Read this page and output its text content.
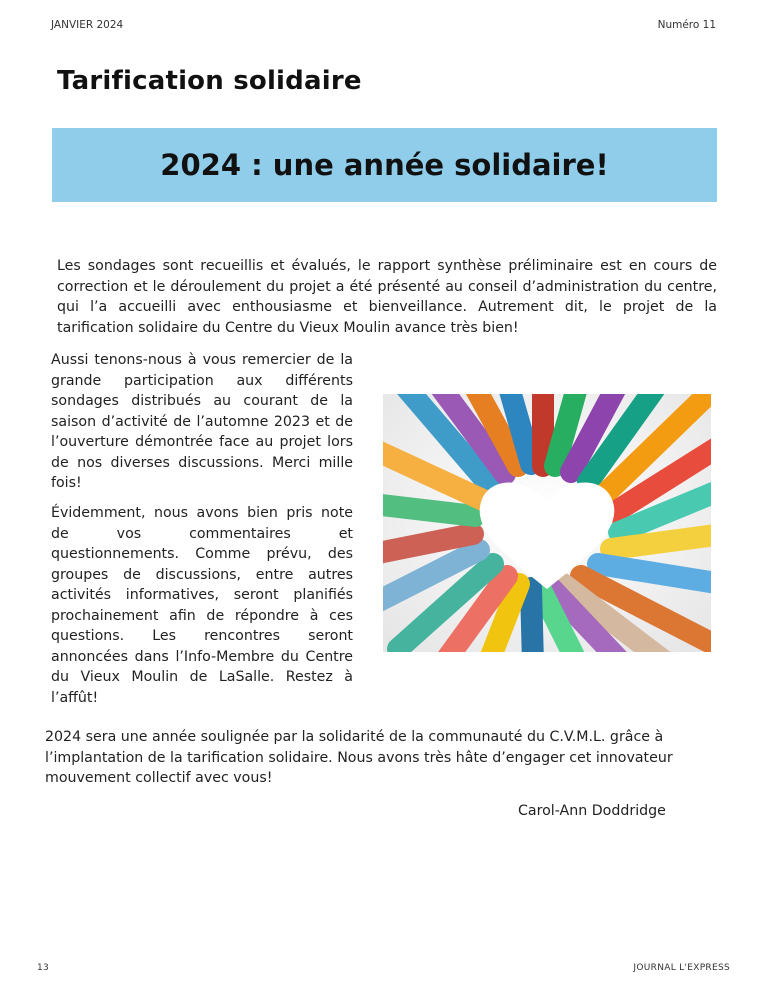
JANVIER 2024	Numéro 11
Tarification solidaire
2024 : une année solidaire!

Les sondages sont recueillis et évalués, le rapport synthèse préliminaire est en cours de correction et le déroulement du projet a été présenté au conseil d’administration du centre, qui l’a accueilli avec enthousiasme et bienveillance. Autrement dit, le projet de la tarification solidaire du Centre du Vieux Moulin avance très bien!

Aussi tenons-nous à vous remercier de la grande participation aux différents sondages distribués au courant de la saison d’activité de l’automne 2023 et de l’ouverture démontrée face au projet lors de nos diverses discussions. Merci mille fois!

Évidemment, nous avons bien pris note de vos commentaires et questionnements. Comme prévu, des groupes de discussions, entre autres activités informatives, seront planifiés prochainement afin de répondre à ces questions. Les rencontres seront annoncées dans l’Info-Membre du Centre du Vieux Moulin de LaSalle. Restez à l’affût!

2024 sera une année soulignée par la solidarité de la communauté du C.V.M.L. grâce à l’implantation de la tarification solidaire. Nous avons très hâte d’engager cet innovateur mouvement collectif avec vous!

Carol-Ann Doddridge
13	JOURNAL L'EXPRESS
